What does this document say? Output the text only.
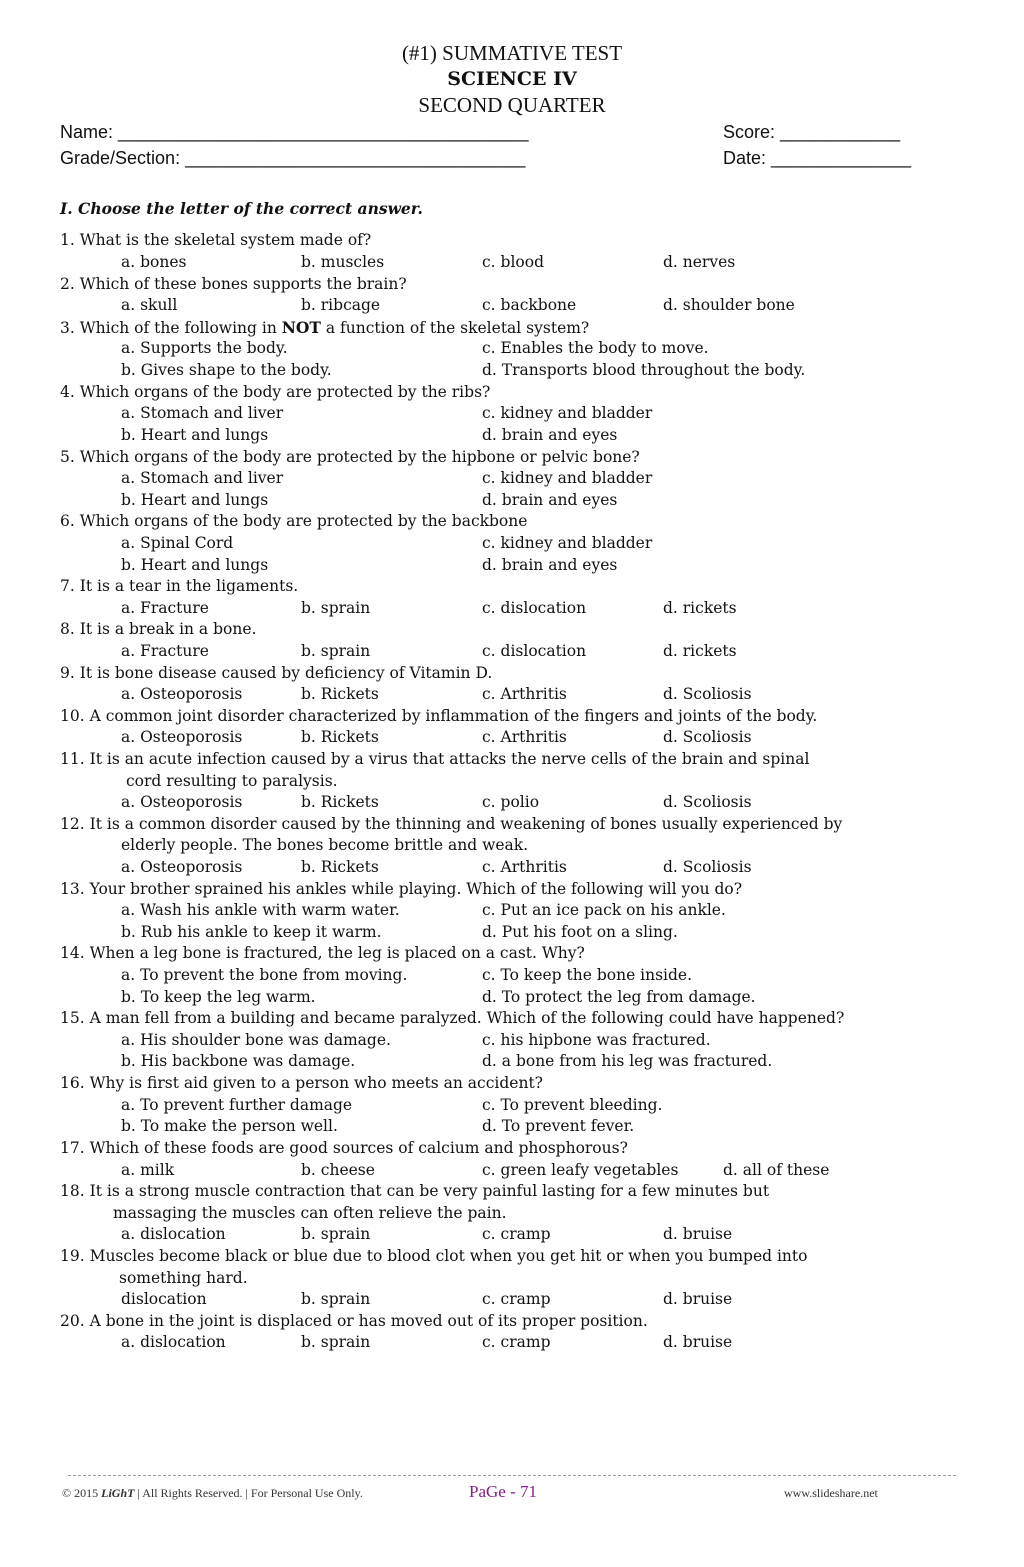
(#1) SUMMATIVE TEST
SCIENCE IV
SECOND QUARTER
Name: _________________________________________	Score: ____________
Grade/Section: __________________________________	Date: ______________
I. Choose the letter of the correct answer.
1. What is the skeletal system made of?
a. bones	b. muscles	c. blood	d. nerves
2. Which of these bones supports the brain?
a. skull	b. ribcage	c. backbone	d. shoulder bone
3. Which of the following in NOT a function of the skeletal system?
a. Supports the body.	c. Enables the body to move.
b. Gives shape to the body.	d. Transports blood throughout the body.
4. Which organs of the body are protected by the ribs?
a. Stomach and liver	c. kidney and bladder
b. Heart and lungs	d. brain and eyes
5. Which organs of the body are protected by the hipbone or pelvic bone?
a. Stomach and liver	c. kidney and bladder
b. Heart and lungs	d. brain and eyes
6. Which organs of the body are protected by the backbone
a. Spinal Cord	c. kidney and bladder
b. Heart and lungs	d. brain and eyes
7. It is a tear in the ligaments.
a. Fracture	b. sprain	c. dislocation	d. rickets
8. It is a break in a bone.
a. Fracture	b. sprain	c. dislocation	d. rickets
9. It is bone disease caused by deficiency of Vitamin D.
a. Osteoporosis	b. Rickets	c. Arthritis	d. Scoliosis
10. A common joint disorder characterized by inflammation of the fingers and joints of the body.
a. Osteoporosis	b. Rickets	c. Arthritis	d. Scoliosis
11. It is an acute infection caused by a virus that attacks the nerve cells of the brain and spinal
cord resulting to paralysis.
a. Osteoporosis	b. Rickets	c. polio	d. Scoliosis
12. It is a common disorder caused by the thinning and weakening of bones usually experienced by
elderly people. The bones become brittle and weak.
a. Osteoporosis	b. Rickets	c. Arthritis	d. Scoliosis
13. Your brother sprained his ankles while playing. Which of the following will you do?
a. Wash his ankle with warm water.	c. Put an ice pack on his ankle.
b. Rub his ankle to keep it warm.	d. Put his foot on a sling.
14. When a leg bone is fractured, the leg is placed on a cast. Why?
a. To prevent the bone from moving.	c. To keep the bone inside.
b. To keep the leg warm.	d. To protect the leg from damage.
15. A man fell from a building and became paralyzed. Which of the following could have happened?
a. His shoulder bone was damage.	c. his hipbone was fractured.
b. His backbone was damage.	d. a bone from his leg was fractured.
16. Why is first aid given to a person who meets an accident?
a. To prevent further damage	c. To prevent bleeding.
b. To make the person well.	d. To prevent fever.
17. Which of these foods are good sources of calcium and phosphorous?
a. milk	b. cheese	c. green leafy vegetables	d. all of these
18. It is a strong muscle contraction that can be very painful lasting for a few minutes but
massaging the muscles can often relieve the pain.
a. dislocation	b. sprain	c. cramp	d. bruise
19. Muscles become black or blue due to blood clot when you get hit or when you bumped into
something hard.
dislocation	b. sprain	c. cramp	d. bruise
20. A bone in the joint is displaced or has moved out of its proper position.
a. dislocation	b. sprain	c. cramp	d. bruise
© 2015 LiGhT | All Rights Reserved. | For Personal Use Only.	PaGe - 71	www.slideshare.net
